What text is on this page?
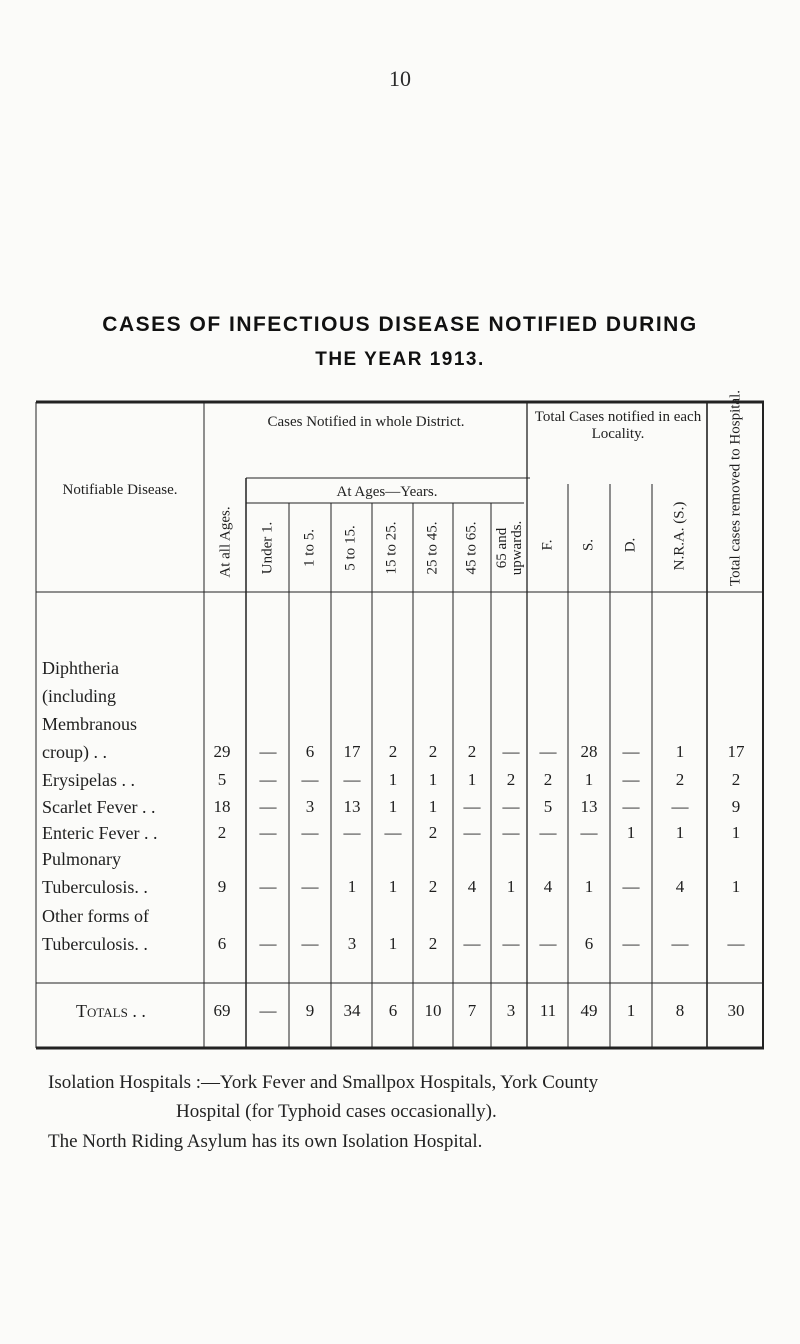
10
CASES OF INFECTIOUS DISEASE NOTIFIED DURING
THE YEAR 1913.
Notifiable Disease.
Cases Notified in whole District.	Total Cases notified in each Locality.
At Ages—Years.
At all Ages.	Total cases removed to Hospital.
Under 1. 1 to 5. 5 to 15. 15 to 25. 25 to 45. 45 to 65. 65 and upwards. F. S. D. N.R.A. (S.)
Diphtheria
(including
Membranous
croup) . .	29 — 6 17 2 2 2 — — 28 — 1	17
Erysipelas . .	5 — — — 1 1 1 2 2 1 — 2	2
Scarlet Fever . .	18 — 3 13 1 1 — — 5 13 — —	9
Enteric Fever . .	2 — — — — 2 — — — — 1 1	1
Pulmonary
Tuberculosis. .	9 — — 1 1 2 4 1 4 1 — 4	1
Other forms of
Tuberculosis. .	6 — — 3 1 2 — — — 6 — — —
Totals . .	69 — 9 34 6 10 7 3 11 49 1 8	30
Isolation Hospitals :—York Fever and Smallpox Hospitals, York County
Hospital (for Typhoid cases occasionally).
The North Riding Asylum has its own Isolation Hospital.
